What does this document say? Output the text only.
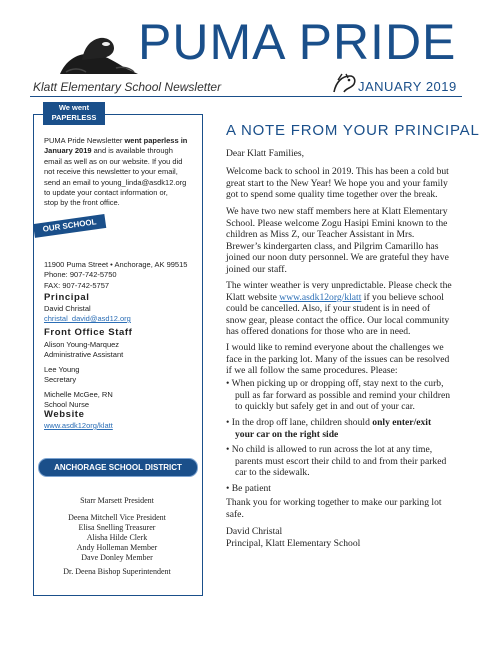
PUMA PRIDE
Klatt Elementary School Newsletter	JANUARY 2019
We went
PAPERLESS
PUMA Pride Newsletter went paperless in
January 2019 and is available through
email as well as on our website. If you did
not receive this newsletter to your email,
send an email to young_linda@asdk12.org
to update your contact information or,
stop by the front office.
OUR SCHOOL
11900 Puma Street • Anchorage, AK 99515
Phone: 907-742-5750
FAX: 907-742-5757
Principal
David Christal
christal_david@asd12.org
Front Office Staff
Alison Young-Marquez
Administrative Assistant
Lee Young
Secretary
Michelle McGee, RN
School Nurse
Website
www.asdk12org/klatt
ANCHORAGE SCHOOL DISTRICT
Starr Marsett President
Deena Mitchell Vice President
Elisa Snelling Treasurer
Alisha Hilde Clerk
Andy Holleman Member
Dave Donley Member
Dr. Deena Bishop Superintendent
A NOTE FROM YOUR PRINCIPAL
Dear Klatt Families,
Welcome back to school in 2019. This has been a cold but
great start to the New Year! We hope you and your family
got to spend some quality time together over the break.
We have two new staff members here at Klatt Elementary
School. Please welcome Zogu Hasipi Emini known to the
children as Miss Z, our Teacher Assistant in Mrs.
Brewer’s kindergarten class, and Pilgrim Camarillo has
joined our noon duty personnel. We are grateful they have
joined our staff.
The winter weather is very unpredictable. Please check the
Klatt website www.asdk12org/klatt if you believe school
could be cancelled. Also, if your student is in need of
snow gear, please contact the office. Our local community
has offered donations for those who are in need.
I would like to remind everyone about the challenges we
face in the parking lot. Many of the issues can be resolved
if we all follow the same procedures. Please:
• When picking up or dropping off, stay next to the curb,
pull as far forward as possible and remind your children
to quickly but safely get in and out of your car.
• In the drop off lane, children should only enter/exit
your car on the right side
• No child is allowed to run across the lot at any time,
parents must escort their child to and from their parked
car to the sidewalk.
• Be patient
Thank you for working together to make our parking lot
safe.
David Christal
Principal, Klatt Elementary School
